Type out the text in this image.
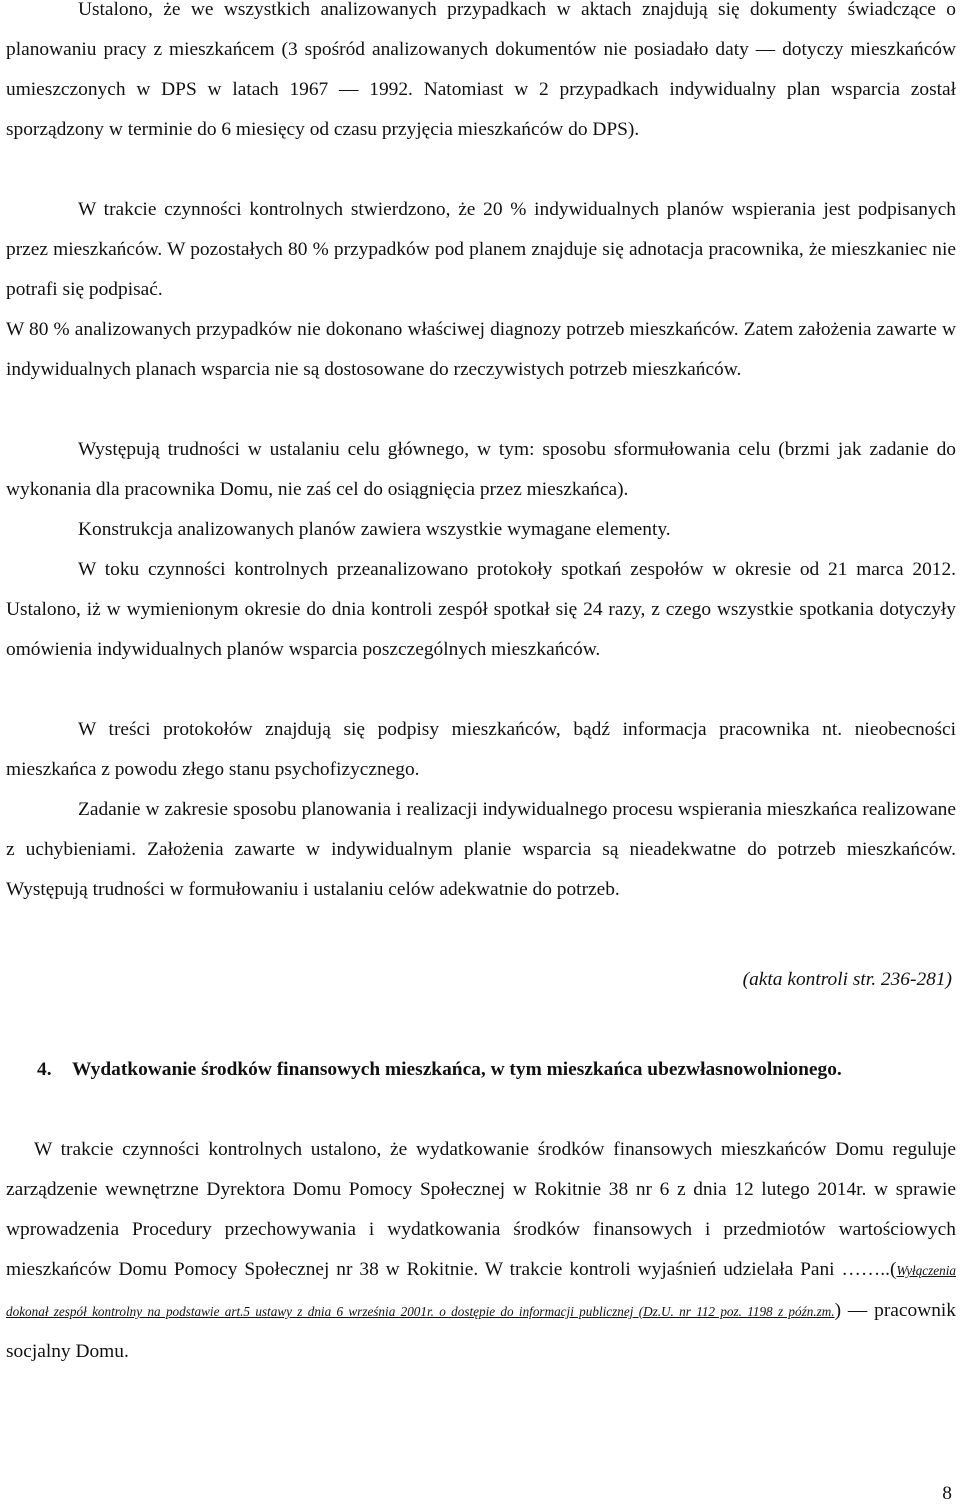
Ustalono, że we wszystkich analizowanych przypadkach w aktach znajdują się dokumenty świadczące o planowaniu pracy z mieszkańcem (3 spośród analizowanych dokumentów nie posiadało daty — dotyczy mieszkańców umieszczonych w DPS w latach 1967 — 1992. Natomiast w 2 przypadkach indywidualny plan wsparcia został sporządzony w terminie do 6 miesięcy od czasu przyjęcia mieszkańców do DPS).

W trakcie czynności kontrolnych stwierdzono, że 20 % indywidualnych planów wspierania jest podpisanych przez mieszkańców. W pozostałych 80 % przypadków pod planem znajduje się adnotacja pracownika, że mieszkaniec nie potrafi się podpisać.

W 80 % analizowanych przypadków nie dokonano właściwej diagnozy potrzeb mieszkańców. Zatem założenia zawarte w indywidualnych planach wsparcia nie są dostosowane do rzeczywistych potrzeb mieszkańców.

Występują trudności w ustalaniu celu głównego, w tym: sposobu sformułowania celu (brzmi jak zadanie do wykonania dla pracownika Domu, nie zaś cel do osiągnięcia przez mieszkańca).

Konstrukcja analizowanych planów zawiera wszystkie wymagane elementy.

W toku czynności kontrolnych przeanalizowano protokoły spotkań zespołów w okresie od 21 marca 2012. Ustalono, iż w wymienionym okresie do dnia kontroli zespół spotkał się 24 razy, z czego wszystkie spotkania dotyczyły omówienia indywidualnych planów wsparcia poszczególnych mieszkańców.

W treści protokołów znajdują się podpisy mieszkańców, bądź informacja pracownika nt. nieobecności mieszkańca z powodu złego stanu psychofizycznego.

Zadanie w zakresie sposobu planowania i realizacji indywidualnego procesu wspierania mieszkańca realizowane z uchybieniami. Założenia zawarte w indywidualnym planie wsparcia są nieadekwatne do potrzeb mieszkańców. Występują trudności w formułowaniu i ustalaniu celów adekwatnie do potrzeb.

(akta kontroli str. 236-281)

4. Wydatkowanie środków finansowych mieszkańca, w tym mieszkańca ubezwłasnowolnionego.

W trakcie czynności kontrolnych ustalono, że wydatkowanie środków finansowych mieszkańców Domu reguluje zarządzenie wewnętrzne Dyrektora Domu Pomocy Społecznej w Rokitnie 38 nr 6 z dnia 12 lutego 2014r. w sprawie wprowadzenia Procedury przechowywania i wydatkowania środków finansowych i przedmiotów wartościowych mieszkańców Domu Pomocy Społecznej nr 38 w Rokitnie. W trakcie kontroli wyjaśnień udzielała Pani ……..(Wyłączenia dokonał zespół kontrolny na podstawie art.5 ustawy z dnia 6 września 2001r. o dostępie do informacji publicznej (Dz.U. nr 112 poz. 1198 z późn.zm.) — pracownik socjalny Domu.

8
